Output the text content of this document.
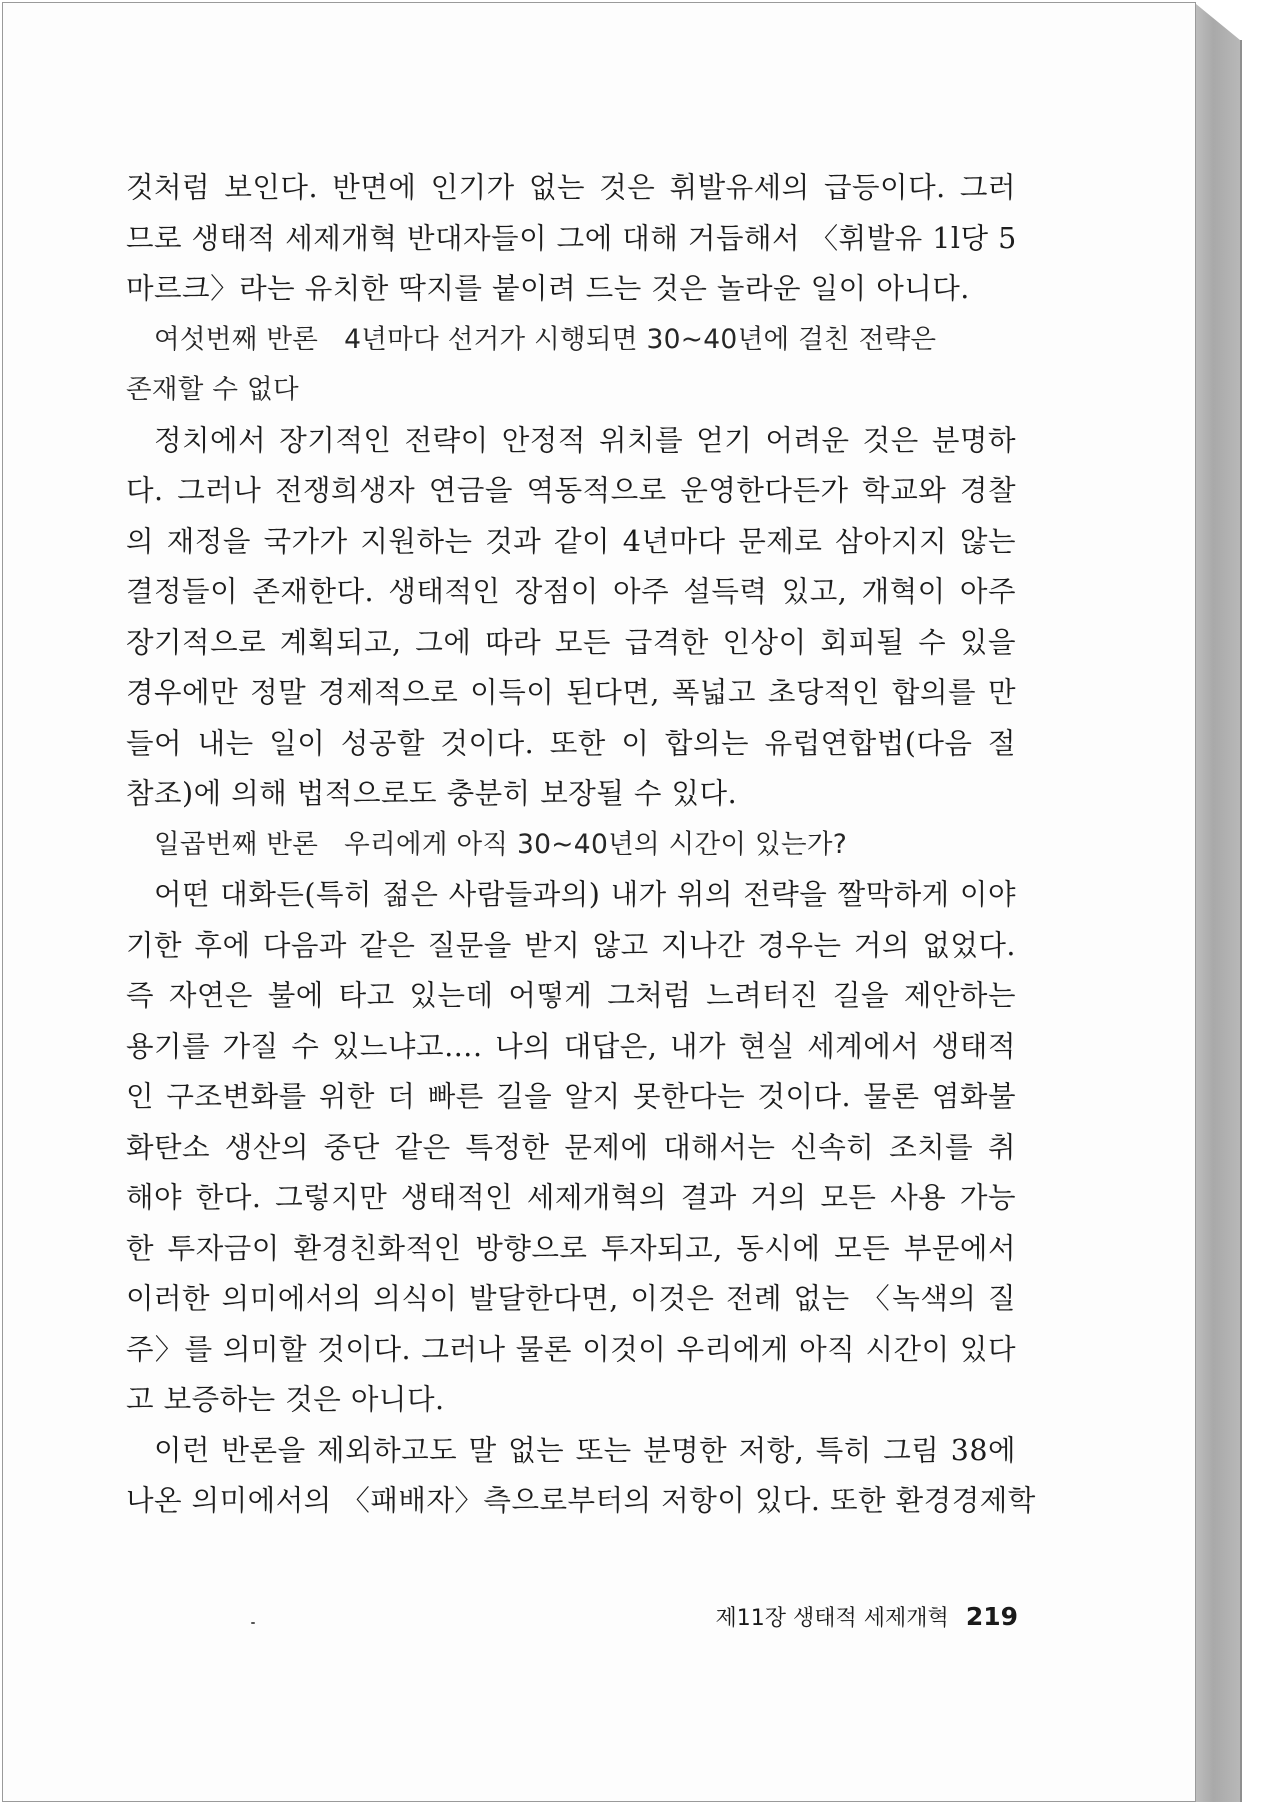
것처럼 보인다. 반면에 인기가 없는 것은 휘발유세의 급등이다. 그러
므로 생태적 세제개혁 반대자들이 그에 대해 거듭해서 〈휘발유 1l당 5
마르크〉라는 유치한 딱지를 붙이려 드는 것은 놀라운 일이 아니다.
여섯번째 반론 4년마다 선거가 시행되면 30~40년에 걸친 전략은
존재할 수 없다
정치에서 장기적인 전략이 안정적 위치를 얻기 어려운 것은 분명하
다. 그러나 전쟁희생자 연금을 역동적으로 운영한다든가 학교와 경찰
의 재정을 국가가 지원하는 것과 같이 4년마다 문제로 삼아지지 않는
결정들이 존재한다. 생태적인 장점이 아주 설득력 있고, 개혁이 아주
장기적으로 계획되고, 그에 따라 모든 급격한 인상이 회피될 수 있을
경우에만 정말 경제적으로 이득이 된다면, 폭넓고 초당적인 합의를 만
들어 내는 일이 성공할 것이다. 또한 이 합의는 유럽연합법(다음 절
참조)에 의해 법적으로도 충분히 보장될 수 있다.
일곱번째 반론 우리에게 아직 30~40년의 시간이 있는가?
어떤 대화든(특히 젊은 사람들과의) 내가 위의 전략을 짤막하게 이야
기한 후에 다음과 같은 질문을 받지 않고 지나간 경우는 거의 없었다.
즉 자연은 불에 타고 있는데 어떻게 그처럼 느려터진 길을 제안하는
용기를 가질 수 있느냐고…. 나의 대답은, 내가 현실 세계에서 생태적
인 구조변화를 위한 더 빠른 길을 알지 못한다는 것이다. 물론 염화불
화탄소 생산의 중단 같은 특정한 문제에 대해서는 신속히 조치를 취
해야 한다. 그렇지만 생태적인 세제개혁의 결과 거의 모든 사용 가능
한 투자금이 환경친화적인 방향으로 투자되고, 동시에 모든 부문에서
이러한 의미에서의 의식이 발달한다면, 이것은 전례 없는 〈녹색의 질
주〉를 의미할 것이다. 그러나 물론 이것이 우리에게 아직 시간이 있다
고 보증하는 것은 아니다.
이런 반론을 제외하고도 말 없는 또는 분명한 저항, 특히 그림 38에
나온 의미에서의 〈패배자〉측으로부터의 저항이 있다. 또한 환경경제학
제11장 생태적 세제개혁 219
